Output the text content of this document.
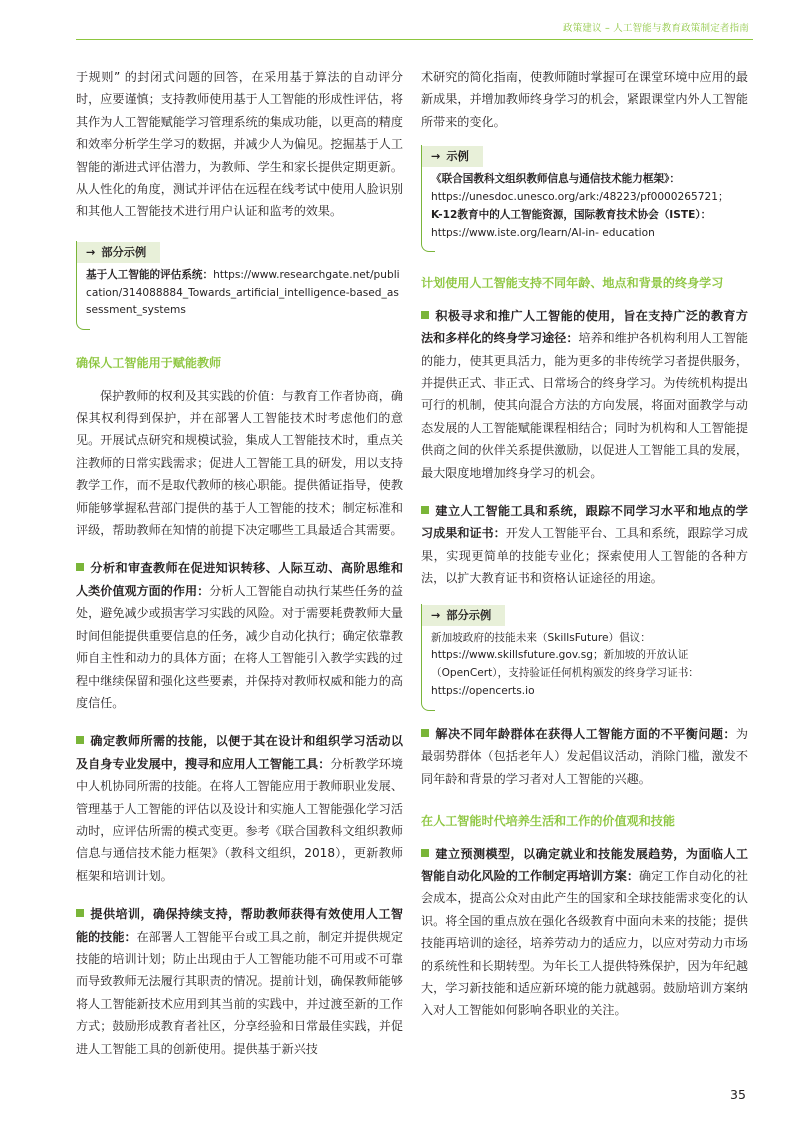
政策建议 – 人工智能与教育政策制定者指南

于规则” 的封闭式问题的回答，在采用基于算法的自动评分时，应要谨慎；支持教师使用基于人工智能的形成性评估，将其作为人工智能赋能学习管理系统的集成功能，以更高的精度和效率分析学生学习的数据，并减少人为偏见。挖掘基于人工智能的渐进式评估潜力，为教师、学生和家长提供定期更新。从人性化的角度，测试并评估在远程在线考试中使用人脸识别和其他人工智能技术进行用户认证和监考的效果。

→ 部分示例
基于人工智能的评估系统：https://www.researchgate.net/publication/314088884_Towards_artificial_intelligence-based_assessment_systems

确保人工智能用于赋能教师

保护教师的权利及其实践的价值：与教育工作者协商，确保其权利得到保护，并在部署人工智能技术时考虑他们的意见。开展试点研究和规模试验，集成人工智能技术时，重点关注教师的日常实践需求；促进人工智能工具的研发，用以支持教学工作，而不是取代教师的核心职能。提供循证指导，使教师能够掌握私营部门提供的基于人工智能的技术；制定标准和评级，帮助教师在知情的前提下决定哪些工具最适合其需要。

分析和审查教师在促进知识转移、人际互动、高阶思维和人类价值观方面的作用：分析人工智能自动执行某些任务的益处，避免减少或损害学习实践的风险。对于需要耗费教师大量时间但能提供重要信息的任务，减少自动化执行；确定依靠教师自主性和动力的具体方面；在将人工智能引入教学实践的过程中继续保留和强化这些要素，并保持对教师权威和能力的高度信任。

确定教师所需的技能，以便于其在设计和组织学习活动以及自身专业发展中，搜寻和应用人工智能工具：分析教学环境中人机协同所需的技能。在将人工智能应用于教师职业发展、管理基于人工智能的评估以及设计和实施人工智能强化学习活动时，应评估所需的模式变更。参考《联合国教科文组织教师信息与通信技术能力框架》（教科文组织，2018），更新教师框架和培训计划。

提供培训，确保持续支持，帮助教师获得有效使用人工智能的技能：在部署人工智能平台或工具之前，制定并提供规定技能的培训计划；防止出现由于人工智能功能不可用或不可靠而导致教师无法履行其职责的情况。提前计划，确保教师能够将人工智能新技术应用到其当前的实践中，并过渡至新的工作方式；鼓励形成教育者社区，分享经验和日常最佳实践，并促进人工智能工具的创新使用。提供基于新兴技

术研究的简化指南，使教师随时掌握可在课堂环境中应用的最新成果，并增加教师终身学习的机会，紧跟课堂内外人工智能所带来的变化。

→ 示例
《联合国教科文组织教师信息与通信技术能力框架》：
https://unesdoc.unesco.org/ark:/48223/pf0000265721；
K-12教育中的人工智能资源，国际教育技术协会（ISTE）：
https://www.iste.org/learn/AI-in- education

计划使用人工智能支持不同年龄、地点和背景的终身学习

积极寻求和推广人工智能的使用，旨在支持广泛的教育方法和多样化的终身学习途径：培养和维护各机构利用人工智能的能力，使其更具活力，能为更多的非传统学习者提供服务，并提供正式、非正式、日常场合的终身学习。为传统机构提出可行的机制，使其向混合方法的方向发展，将面对面教学与动态发展的人工智能赋能课程相结合；同时为机构和人工智能提供商之间的伙伴关系提供激励，以促进人工智能工具的发展，最大限度地增加终身学习的机会。

建立人工智能工具和系统，跟踪不同学习水平和地点的学习成果和证书：开发人工智能平台、工具和系统，跟踪学习成果，实现更简单的技能专业化；探索使用人工智能的各种方法，以扩大教育证书和资格认证途径的用途。

→ 部分示例
新加坡政府的技能未来（SkillsFuture）倡议：https://www.skillsfuture.gov.sg；新加坡的开放认证（OpenCert），支持验证任何机构颁发的终身学习证书：https://opencerts.io

解决不同年龄群体在获得人工智能方面的不平衡问题：为最弱势群体（包括老年人）发起倡议活动，消除门槛，激发不同年龄和背景的学习者对人工智能的兴趣。

在人工智能时代培养生活和工作的价值观和技能

建立预测模型，以确定就业和技能发展趋势，为面临人工智能自动化风险的工作制定再培训方案：确定工作自动化的社会成本，提高公众对由此产生的国家和全球技能需求变化的认识。将全国的重点放在强化各级教育中面向未来的技能；提供技能再培训的途径，培养劳动力的适应力，以应对劳动力市场的系统性和长期转型。为年长工人提供特殊保护，因为年纪越大，学习新技能和适应新环境的能力就越弱。鼓励培训方案纳入对人工智能如何影响各职业的关注。

35
